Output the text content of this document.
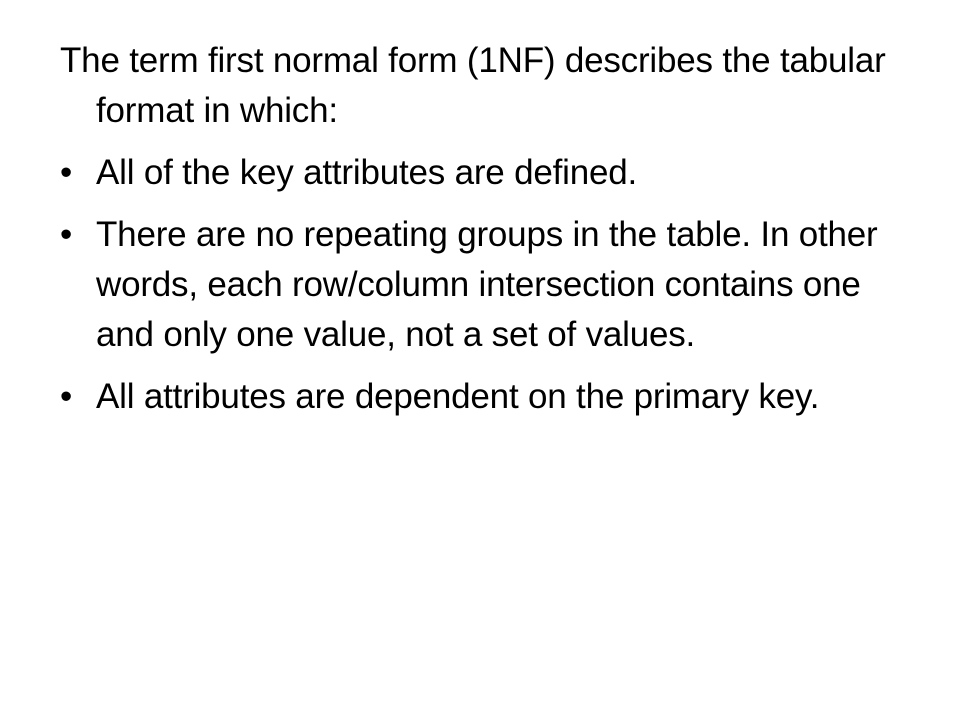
The term first normal form (1NF) describes the tabular format in which:

• All of the key attributes are defined.
• There are no repeating groups in the table. In other words, each row/column intersection contains one and only one value, not a set of values.
• All attributes are dependent on the primary key.
